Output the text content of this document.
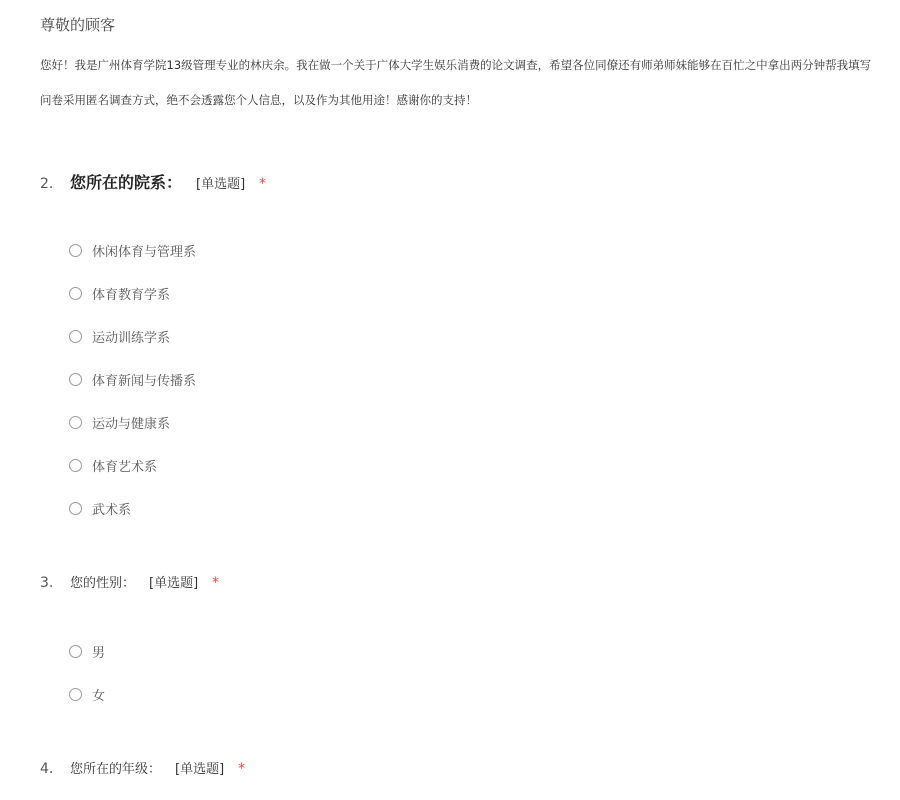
尊敬的顾客
您好！我是广州体育学院13级管理专业的林庆余。我在做一个关于广体大学生娱乐消费的论文调查，希望各位同僚还有师弟师妹能够在百忙之中拿出两分钟帮我填写
问卷采用匿名调查方式，绝不会透露您个人信息，以及作为其他用途！感谢你的支持！
2.	您所在的院系： [单选题] *
休闲体育与管理系
体育教育学系
运动训练学系
体育新闻与传播系
运动与健康系
体育艺术系
武术系
3.	您的性别： [单选题] *
男
女
4.	您所在的年级： [单选题] *
